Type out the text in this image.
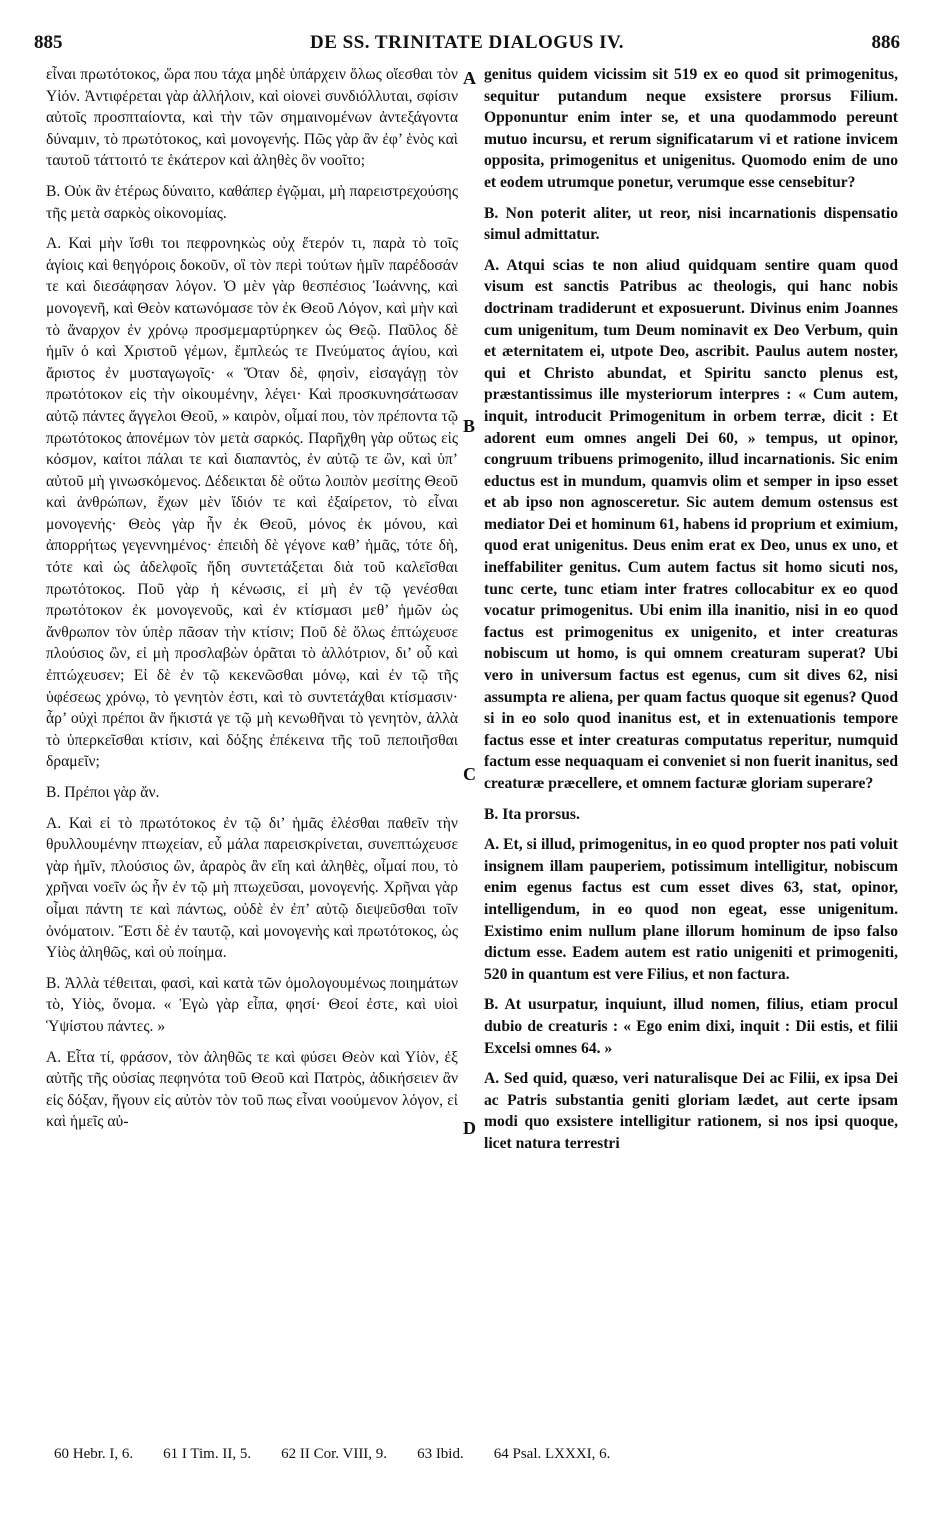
885	DE SS. TRINITATE DIALOGUS IV.	886

εἶναι πρωτότοκος, ὥρα που τάχα μηδὲ ὑπάρχειν ὅλως οἴεσθαι τὸν Υἱόν. Ἀντιφέρεται γὰρ ἀλλήλοιν, καὶ οἱονεὶ συνδιόλλυται, σφίσιν αὐτοῖς προσπταίοντα, καὶ τὴν τῶν σημαινομένων ἀντεξάγοντα δύναμιν, τὸ πρωτότοκος, καὶ μονογενής. Πῶς γὰρ ἂν ἐφ’ ἑνὸς καὶ ταυτοῦ τάττοιτό τε ἑκάτερον καὶ ἀληθὲς ὂν νοοῖτο;

Β. Οὐκ ἂν ἑτέρως δύναιτο, καθάπερ ἐγῷμαι, μὴ παρειστρεχούσης τῆς μετὰ σαρκὸς οἰκονομίας.

Α. Καὶ μὴν ἴσθι τοι πεφρονηκὼς οὐχ ἕτερόν τι, παρὰ τὸ τοῖς ἁγίοις καὶ θεηγόροις δοκοῦν, οἳ τὸν περὶ τούτων ἡμῖν παρέδοσάν τε καὶ διεσάφησαν λόγον. Ὁ μὲν γὰρ θεσπέσιος Ἰωάννης, καὶ μονογενῆ, καὶ Θεὸν κατωνόμασε τὸν ἐκ Θεοῦ Λόγον, καὶ μὴν καὶ τὸ ἄναρχον ἐν χρόνῳ προσμεμαρτύρηκεν ὡς Θεῷ. Παῦλος δὲ ἡμῖν ὁ καὶ Χριστοῦ γέμων, ἔμπλεώς τε Πνεύματος ἁγίου, καὶ ἄριστος ἐν μυσταγωγοῖς· « Ὅταν δὲ, φησὶν, εἰσαγάγῃ τὸν πρωτότοκον εἰς τὴν οἰκουμένην, λέγει· Καὶ προσκυνησάτωσαν αὐτῷ πάντες ἄγγελοι Θεοῦ, » καιρὸν, οἶμαί που, τὸν πρέποντα τῷ πρωτότοκος ἀπονέμων τὸν μετὰ σαρκός. Παρῆχθη γὰρ οὕτως εἰς κόσμον, καίτοι πάλαι τε καὶ διαπαντὸς, ἐν αὐτῷ τε ὢν, καὶ ὑπ’ αὐτοῦ μὴ γινωσκόμενος. Δέδεικται δὲ οὕτω λοιπὸν μεσίτης Θεοῦ καὶ ἀνθρώπων, ἔχων μὲν ἴδιόν τε καὶ ἐξαίρετον, τὸ εἶναι μονογενής· Θεὸς γὰρ ἦν ἐκ Θεοῦ, μόνος ἐκ μόνου, καὶ ἀπορρήτως γεγεννημένος· ἐπειδὴ δὲ γέγονε καθ’ ἡμᾶς, τότε δὴ, τότε καὶ ὡς ἀδελφοῖς ἤδη συντετάξεται διὰ τοῦ καλεῖσθαι πρωτότοκος. Ποῦ γὰρ ἡ κένωσις, εἰ μὴ ἐν τῷ γενέσθαι πρωτότοκον ἐκ μονογενοῦς, καὶ ἐν κτίσμασι μεθ’ ἡμῶν ὡς ἄνθρωπον τὸν ὑπὲρ πᾶσαν τὴν κτίσιν; Ποῦ δὲ ὅλως ἐπτώχευσε πλούσιος ὢν, εἰ μὴ προσλαβὼν ὁρᾶται τὸ ἀλλότριον, δι’ οὗ καὶ ἐπτώχευσεν; Εἰ δὲ ἐν τῷ κεκενῶσθαι μόνῳ, καὶ ἐν τῷ τῆς ὑφέσεως χρόνῳ, τὸ γενητὸν ἐστι, καὶ τὸ συντετάχθαι κτίσμασιν· ἆρ’ οὐχὶ πρέποι ἂν ἥκιστά γε τῷ μὴ κενωθῆναι τὸ γενητὸν, ἀλλὰ τὸ ὑπερκεῖσθαι κτίσιν, καὶ δόξης ἐπέκεινα τῆς τοῦ πεποιῆσθαι δραμεῖν;

Β. Πρέποι γὰρ ἄν.

Α. Καὶ εἰ τὸ πρωτότοκος ἐν τῷ δι’ ἡμᾶς ἑλέσθαι παθεῖν τὴν θρυλλουμένην πτωχείαν, εὖ μάλα παρεισκρίνεται, συνεπτώχευσε γὰρ ἡμῖν, πλούσιος ὢν, ἀραρὸς ἂν εἴη καὶ ἀληθὲς, οἶμαί που, τὸ χρῆναι νοεῖν ὡς ἦν ἐν τῷ μὴ πτωχεῦσαι, μονογενής. Χρῆναι γὰρ οἶμαι πάντη τε καὶ πάντως, οὐδὲ ἐν ἐπ’ αὐτῷ διεψεῦσθαι τοῖν ὀνόματοιν. Ἔστι δὲ ἐν ταυτῷ, καὶ μονογενὴς καὶ πρωτότοκος, ὡς Υἱὸς ἀληθῶς, καὶ οὐ ποίημα.

Β. Ἀλλὰ τέθειται, φασὶ, καὶ κατὰ τῶν ὁμολογουμένως ποιημάτων τὸ, Υἱὸς, ὄνομα. « Ἐγὼ γὰρ εἶπα, φησί· Θεοί ἐστε, καὶ υἱοὶ Ὑψίστου πάντες. »

Α. Εἶτα τί, φράσον, τὸν ἀληθῶς τε καὶ φύσει Θεὸν καὶ Υἱὸν, ἐξ αὐτῆς τῆς οὐσίας πεφηνότα τοῦ Θεοῦ καὶ Πατρὸς, ἀδικήσειεν ἂν εἰς δόξαν, ἤγουν εἰς αὐτὸν τὸν τοῦ πως εἶναι νοούμενον λόγον, εἰ καὶ ἡμεῖς αὐ-

A
B
C
D

genitus quidem vicissim sit 519 ex eo quod sit primogenitus, sequitur putandum neque exsistere prorsus Filium. Opponuntur enim inter se, et una quodammodo pereunt mutuo incursu, et rerum significatarum vi et ratione invicem opposita, primogenitus et unigenitus. Quomodo enim de uno et eodem utrumque ponetur, verumque esse censebitur?

B. Non poterit aliter, ut reor, nisi incarnationis dispensatio simul admittatur.

A. Atqui scias te non aliud quidquam sentire quam quod visum est sanctis Patribus ac theologis, qui hanc nobis doctrinam tradiderunt et exposuerunt. Divinus enim Joannes cum unigenitum, tum Deum nominavit ex Deo Verbum, quin et æternitatem ei, utpote Deo, ascribit. Paulus autem noster, qui et Christo abundat, et Spiritu sancto plenus est, præstantissimus ille mysteriorum interpres : « Cum autem, inquit, introducit Primogenitum in orbem terræ, dicit : Et adorent eum omnes angeli Dei 60, » tempus, ut opinor, congruum tribuens primogenito, illud incarnationis. Sic enim eductus est in mundum, quamvis olim et semper in ipso esset et ab ipso non agnosceretur. Sic autem demum ostensus est mediator Dei et hominum 61, habens id proprium et eximium, quod erat unigenitus. Deus enim erat ex Deo, unus ex uno, et ineffabiliter genitus. Cum autem factus sit homo sicuti nos, tunc certe, tunc etiam inter fratres collocabitur ex eo quod vocatur primogenitus. Ubi enim illa inanitio, nisi in eo quod factus est primogenitus ex unigenito, et inter creaturas nobiscum ut homo, is qui omnem creaturam superat? Ubi vero in universum factus est egenus, cum sit dives 62, nisi assumpta re aliena, per quam factus quoque sit egenus? Quod si in eo solo quod inanitus est, et in extenuationis tempore factus esse et inter creaturas computatus reperitur, numquid factum esse nequaquam ei conveniet si non fuerit inanitus, sed creaturæ præcellere, et omnem facturæ gloriam superare?

B. Ita prorsus.

A. Et, si illud, primogenitus, in eo quod propter nos pati voluit insignem illam pauperiem, potissimum intelligitur, nobiscum enim egenus factus est cum esset dives 63, stat, opinor, intelligendum, in eo quod non egeat, esse unigenitum. Existimo enim nullum plane illorum hominum de ipso falso dictum esse. Eadem autem est ratio unigeniti et primogeniti, 520 in quantum est vere Filius, et non factura.

B. At usurpatur, inquiunt, illud nomen, filius, etiam procul dubio de creaturis : « Ego enim dixi, inquit : Dii estis, et filii Excelsi omnes 64. »

A. Sed quid, quæso, veri naturalisque Dei ac Filii, ex ipsa Dei ac Patris substantia geniti gloriam lædet, aut certe ipsam modi quo exsistere intelligitur rationem, si nos ipsi quoque, licet natura terrestri

60 Hebr. I, 6. 61 I Tim. II, 5. 62 II Cor. VIII, 9. 63 Ibid. 64 Psal. LXXXI, 6.
